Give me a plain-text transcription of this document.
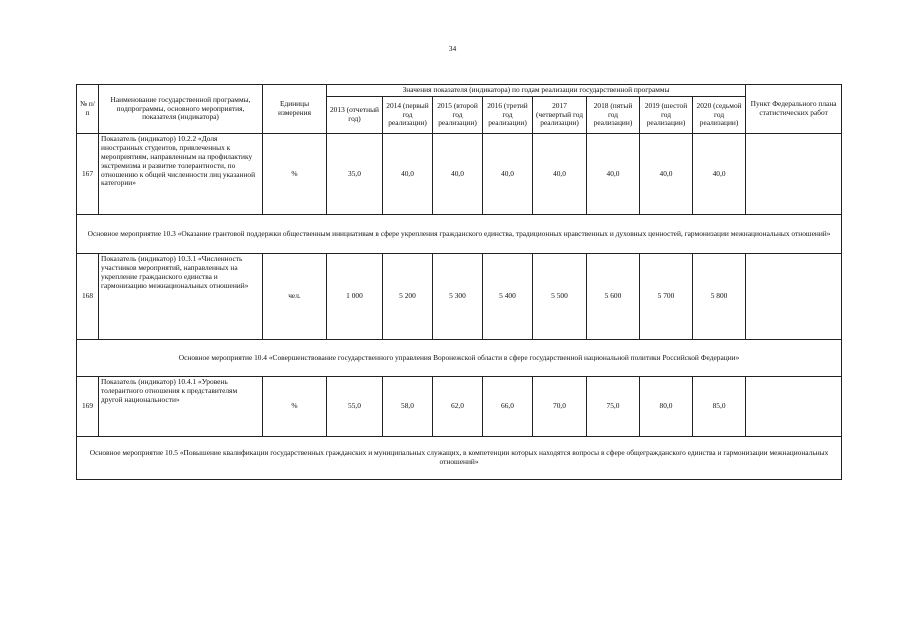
34
№ п/п	Наименование государственной программы, подпрограммы, основного мероприятия, показателя (индикатора)	Единицы измерения	Значения показателя (индикатора) по годам реализации государственной программы								Пункт Федерального плана статистических работ
			2013 (отчетный год)	2014 (первый год реализации)	2015 (второй год реализации)	2016 (третий год реализации)	2017 (четвертый год реализации)	2018 (пятый год реализации)	2019 (шестой год реализации)	2020 (седьмой год реализации)	
167	Показатель (индикатор) 10.2.2 «Доля иностранных студентов, привлеченных к мероприятиям, направленным на профилактику экстремизма и развитие толерантности, по отношению к общей численности лиц указанной категории»	%	35,0	40,0	40,0	40,0	40,0	40,0	40,0	40,0	
Основное мероприятие 10.3 «Оказание грантовой поддержки общественным инициативам в сфере укрепления гражданского единства, традиционных нравственных и духовных ценностей, гармонизации межнациональных отношений»											
168	Показатель (индикатор) 10.3.1 «Численность участников мероприятий, направленных на укрепление гражданского единства и гармонизацию межнациональных отношений»	чел.	1 000	5 200	5 300	5 400	5 500	5 600	5 700	5 800	
Основное мероприятие 10.4 «Совершенствование государственного управления Воронежской области в сфере государственной национальной политики Российской Федерации»											
169	Показатель (индикатор) 10.4.1 «Уровень толерантного отношения к представителям другой национальности»	%	55,0	58,0	62,0	66,0	70,0	75,0	80,0	85,0	
Основное мероприятие 10.5 «Повышение квалификации государственных гражданских и муниципальных служащих, в компетенции которых находятся вопросы в сфере общегражданского единства и гармонизации межнациональных отношений»											
